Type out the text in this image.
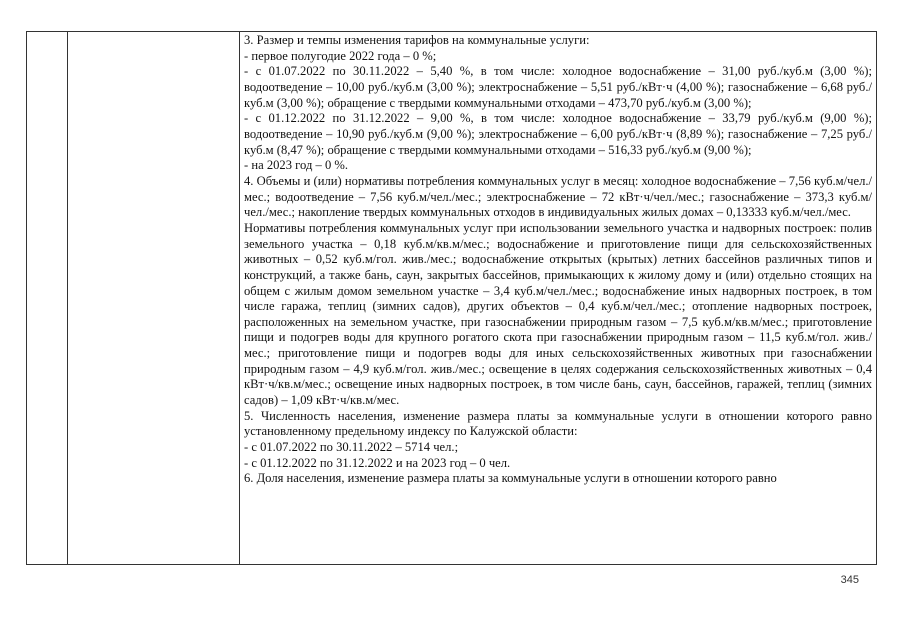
3. Размер и темпы изменения тарифов на коммунальные услуги:

- первое полугодие 2022 года – 0 %;

- с 01.07.2022 по 30.11.2022 – 5,40 %, в том числе: холодное водоснабжение – 31,00 руб./куб.м (3,00 %); водоотведение – 10,00 руб./куб.м (3,00 %); электроснабжение – 5,51 руб./кВт·ч (4,00 %); газоснабжение – 6,68 руб./куб.м (3,00 %); обращение с твердыми коммунальными отходами – 473,70 руб./куб.м (3,00 %);

- с 01.12.2022 по 31.12.2022 – 9,00 %, в том числе: холодное водоснабжение – 33,79 руб./куб.м (9,00 %); водоотведение – 10,90 руб./куб.м (9,00 %); электроснабжение – 6,00 руб./кВт·ч (8,89 %); газоснабжение – 7,25 руб./куб.м (8,47 %); обращение с твердыми коммунальными отходами – 516,33 руб./куб.м (9,00 %);

- на 2023 год – 0 %.

4. Объемы и (или) нормативы потребления коммунальных услуг в месяц: холодное водоснабжение – 7,56 куб.м/чел./мес.; водоотведение – 7,56 куб.м/чел./мес.; электроснабжение – 72 кВт·ч/чел./мес.; газоснабжение – 373,3 куб.м/чел./мес.; накопление твердых коммунальных отходов в индивидуальных жилых домах – 0,13333 куб.м/чел./мес.

Нормативы потребления коммунальных услуг при использовании земельного участка и надворных построек: полив земельного участка – 0,18 куб.м/кв.м/мес.; водоснабжение и приготовление пищи для сельскохозяйственных животных – 0,52 куб.м/гол. жив./мес.; водоснабжение открытых (крытых) летних бассейнов различных типов и конструкций, а также бань, саун, закрытых бассейнов, примыкающих к жилому дому и (или) отдельно стоящих на общем с жилым домом земельном участке – 3,4 куб.м/чел./мес.; водоснабжение иных надворных построек, в том числе гаража, теплиц (зимних садов), других объектов – 0,4 куб.м/чел./мес.; отопление надворных построек, расположенных на земельном участке, при газоснабжении природным газом – 7,5 куб.м/кв.м/мес.; приготовление пищи и подогрев воды для крупного рогатого скота при газоснабжении природным газом – 11,5 куб.м/гол. жив./мес.; приготовление пищи и подогрев воды для иных сельскохозяйственных животных при газоснабжении природным газом – 4,9 куб.м/гол. жив./мес.; освещение в целях содержания сельскохозяйственных животных – 0,4 кВт·ч/кв.м/мес.; освещение иных надворных построек, в том числе бань, саун, бассейнов, гаражей, теплиц (зимних садов) – 1,09 кВт·ч/кв.м/мес.

5. Численность населения, изменение размера платы за коммунальные услуги в отношении которого равно установленному предельному индексу по Калужской области:

- с 01.07.2022 по 30.11.2022 – 5714 чел.;

- с 01.12.2022 по 31.12.2022 и на 2023 год – 0 чел.

6. Доля населения, изменение размера платы за коммунальные услуги в отношении которого равно

345
